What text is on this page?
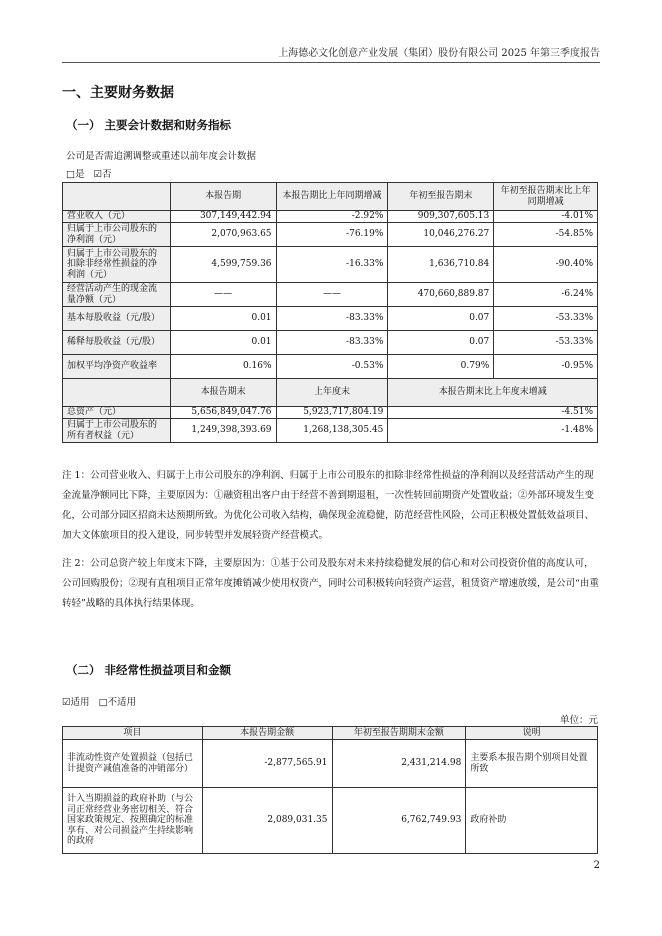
上海德必文化创意产业发展（集团）股份有限公司 2025 年第三季度报告
一、主要财务数据
（一） 主要会计数据和财务指标
公司是否需追溯调整或重述以前年度会计数据
□是 ☑否
	本报告期	本报告期比上年同期增减	年初至报告期末	年初至报告期末比上年同期增减
营业收入（元）	307,149,442.94	-2.92%	909,307,605.13	-4.01%
归属于上市公司股东的净利润（元）	2,070,963.65	-76.19%	10,046,276.27	-54.85%
归属于上市公司股东的扣除非经常性损益的净利润（元）	4,599,759.36	-16.33%	1,636,710.84	-90.40%
经营活动产生的现金流量净额（元）	——	——	470,660,889.87	-6.24%
基本每股收益（元/股）	0.01	-83.33%	0.07	-53.33%
稀释每股收益（元/股）	0.01	-83.33%	0.07	-53.33%
加权平均净资产收益率	0.16%	-0.53%	0.79%	-0.95%
	本报告期末	上年度末	本报告期末比上年度末增减	
总资产（元）	5,656,849,047.76	5,923,717,804.19	-4.51%	
归属于上市公司股东的所有者权益（元）	1,249,398,393.69	1,268,138,305.45	-1.48%	
注 1：公司营业收入、归属于上市公司股东的净利润、归属于上市公司股东的扣除非经常性损益的净利润以及经营活动产生的现金流量净额同比下降，主要原因为：①融资租出客户由于经营不善到期退租，一次性转回前期资产处置收益；②外部环境发生变化，公司部分园区招商未达预期所致。为优化公司收入结构，确保现金流稳健，防范经营性风险，公司正积极处置低效益项目、加大文体旅项目的投入建设，同步转型并发展轻资产经营模式。
注 2：公司总资产较上年度末下降，主要原因为：①基于公司及股东对未来持续稳健发展的信心和对公司投资价值的高度认可，公司回购股份；②现有直租项目正常年度摊销减少使用权资产，同时公司积极转向轻资产运营，租赁资产增速放缓，是公司“由重转轻”战略的具体执行结果体现。
（二） 非经常性损益项目和金额
☑适用 □不适用
单位：元
项目	本报告期金额	年初至报告期期末金额	说明
非流动性资产处置损益（包括已计提资产减值准备的冲销部分）	-2,877,565.91	2,431,214.98	主要系本报告期个别项目处置所致
计入当期损益的政府补助（与公司正常经营业务密切相关、符合国家政策规定、按照确定的标准享有、对公司损益产生持续影响的政府	2,089,031.35	6,762,749.93	政府补助
2
